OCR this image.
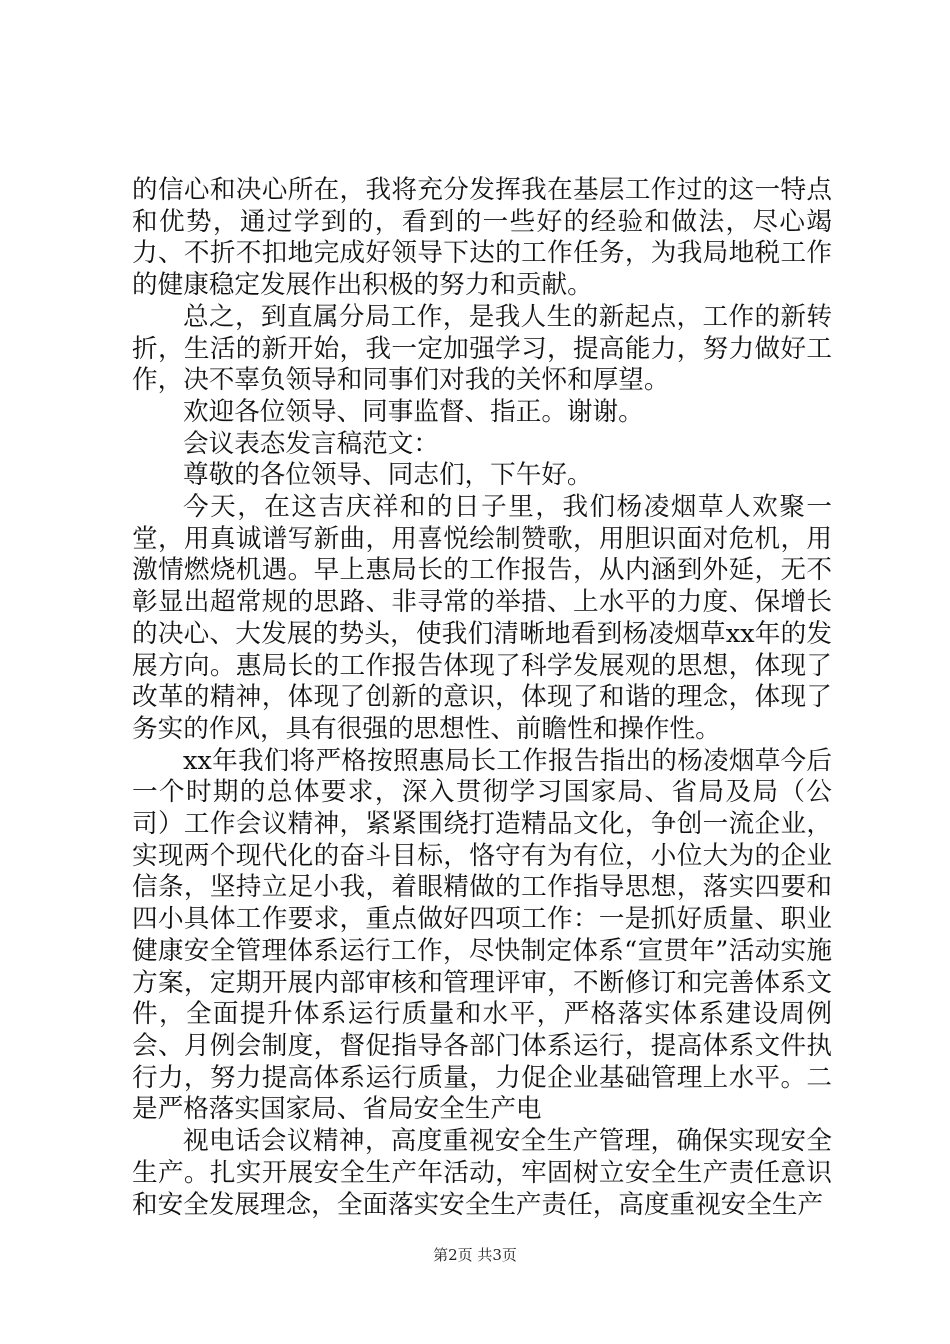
的信心和决心所在，我将充分发挥我在基层工作过的这一特点和优势，通过学到的，看到的一些好的经验和做法，尽心竭力、不折不扣地完成好领导下达的工作任务，为我局地税工作的健康稳定发展作出积极的努力和贡献。

总之，到直属分局工作，是我人生的新起点，工作的新转折，生活的新开始，我一定加强学习，提高能力，努力做好工作，决不辜负领导和同事们对我的关怀和厚望。

欢迎各位领导、同事监督、指正。谢谢。

会议表态发言稿范文：

尊敬的各位领导、同志们，下午好。

今天，在这吉庆祥和的日子里，我们杨凌烟草人欢聚一堂，用真诚谱写新曲，用喜悦绘制赞歌，用胆识面对危机，用激情燃烧机遇。早上惠局长的工作报告，从内涵到外延，无不彰显出超常规的思路、非寻常的举措、上水平的力度、保增长的决心、大发展的势头，使我们清晰地看到杨凌烟草xx年的发展方向。惠局长的工作报告体现了科学发展观的思想，体现了改革的精神，体现了创新的意识，体现了和谐的理念，体现了务实的作风，具有很强的思想性、前瞻性和操作性。

xx年我们将严格按照惠局长工作报告指出的杨凌烟草今后一个时期的总体要求，深入贯彻学习国家局、省局及局（公司）工作会议精神，紧紧围绕打造精品文化，争创一流企业，实现两个现代化的奋斗目标，恪守有为有位，小位大为的企业信条，坚持立足小我，着眼精做的工作指导思想，落实四要和四小具体工作要求，重点做好四项工作：一是抓好质量、职业健康安全管理体系运行工作，尽快制定体系“宣贯年”活动实施方案，定期开展内部审核和管理评审，不断修订和完善体系文件，全面提升体系运行质量和水平，严格落实体系建设周例会、月例会制度，督促指导各部门体系运行，提高体系文件执行力，努力提高体系运行质量，力促企业基础管理上水平。二是严格落实国家局、省局安全生产电

视电话会议精神，高度重视安全生产管理，确保实现安全生产。扎实开展安全生产年活动，牢固树立安全生产责任意识和安全发展理念，全面落实安全生产责任，高度重视安全生产

第2页 共3页
